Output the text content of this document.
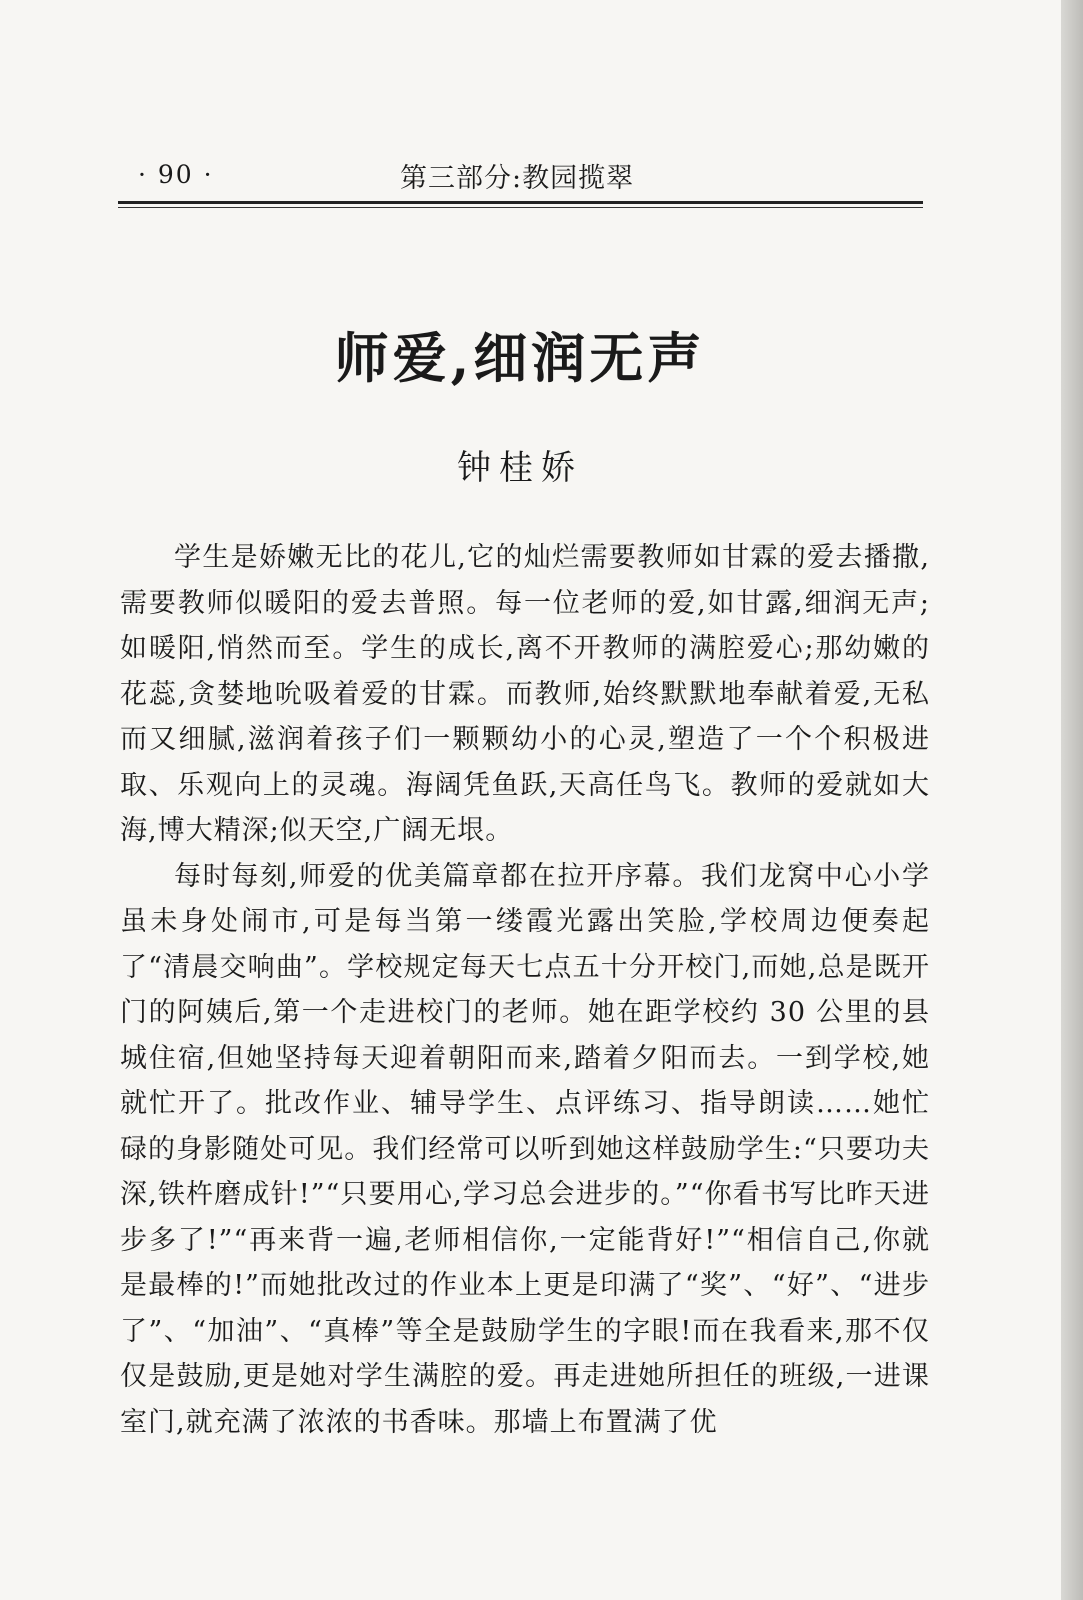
· 90 ·	第三部分:教园揽翠
师爱,细润无声
钟桂娇

学生是娇嫩无比的花儿,它的灿烂需要教师如甘霖的爱去播撒,需要教师似暖阳的爱去普照。每一位老师的爱,如甘露,细润无声;如暖阳,悄然而至。学生的成长,离不开教师的满腔爱心;那幼嫩的花蕊,贪婪地吮吸着爱的甘霖。而教师,始终默默地奉献着爱,无私而又细腻,滋润着孩子们一颗颗幼小的心灵,塑造了一个个积极进取、乐观向上的灵魂。海阔凭鱼跃,天高任鸟飞。教师的爱就如大海,博大精深;似天空,广阔无垠。

每时每刻,师爱的优美篇章都在拉开序幕。我们龙窝中心小学虽未身处闹市,可是每当第一缕霞光露出笑脸,学校周边便奏起了“清晨交响曲”。学校规定每天七点五十分开校门,而她,总是既开门的阿姨后,第一个走进校门的老师。她在距学校约 30 公里的县城住宿,但她坚持每天迎着朝阳而来,踏着夕阳而去。一到学校,她就忙开了。批改作业、辅导学生、点评练习、指导朗读……她忙碌的身影随处可见。我们经常可以听到她这样鼓励学生:“只要功夫深,铁杵磨成针!”“只要用心,学习总会进步的。”“你看书写比昨天进步多了!”“再来背一遍,老师相信你,一定能背好!”“相信自己,你就是最棒的!”而她批改过的作业本上更是印满了“奖”、“好”、“进步了”、“加油”、“真棒”等全是鼓励学生的字眼!而在我看来,那不仅仅是鼓励,更是她对学生满腔的爱。再走进她所担任的班级,一进课室门,就充满了浓浓的书香味。那墙上布置满了优
